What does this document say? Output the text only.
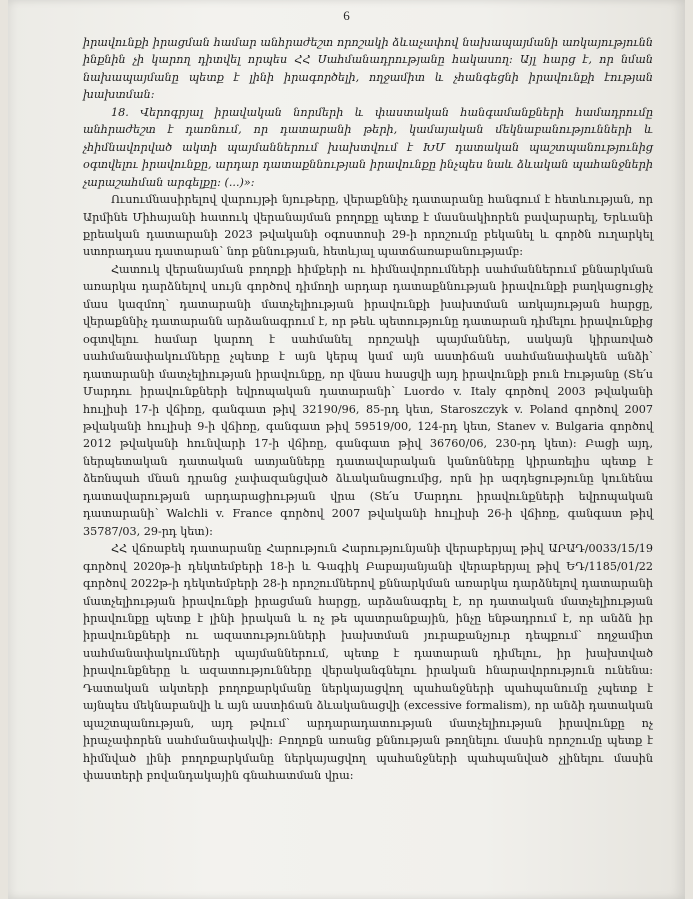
6

իրավունքի իրացման համար անհրաժեշտ որոշակի ձևաչափով նախապայմանի առկայությունն ինքնին չի կարող դիտվել որպես ՀՀ Սահմանադրությանը հակասող: Այլ հարց է, որ նման նախապայմանը պետք է լինի իրագործելի, ողջամիտ և չհանգեցնի իրավունքի էության խախտման:

18. Վերոգրյալ իրավական նորմերի և փաստական հանգամանքների համադրումը անհրաժեշտ է դառնում, որ դատարանի թերի, կամայական մեկնաբանությունների և չհիմնավորված ակտի պայմաններում խախտվում է ԽՄ դատական պաշտպանությունից օգտվելու իրավունքը, արդար դատաքննության իրավունքը ինչպես նաև ձևական պահանջների չարաշահման արգելքը: (...)»:

Ուսումնասիրելով վարույթի նյութերը, վերաքննիչ դատարանը հանգում է հետևության, որ Արմինե Միհայանի հատուկ վերանայման բողոքը պետք է մասնակիորեն բավարարել, Երևանի քրեական դատարանի 2023 թվականի օգոստոսի 29-ի որոշումը բեկանել և գործն ուղարկել ստորադաս դատարան՝ նոր քննության, հետևյալ պատճառաբանությամբ:

Հատուկ վերանայման բողոքի հիմքերի ու հիմնավորումների սահմաններում քննարկման առարկա դարձնելով սույն գործով դիմողի արդար դատաքննության իրավունքի բաղկացուցիչ մաս կազմող՝ դատարանի մատչելիության իրավունքի խախտման առկայության հարցը, վերաքննիչ դատարանն արձանագրում է, որ թեև պետությունը դատարան դիմելու իրավունքից օգտվելու համար կարող է սահմանել որոշակի պայմաններ, սակայն կիրառված սահմանափակումները չպետք է այն կերպ կամ այն աստիճան սահմանափակեն անձի՝ դատարանի մատչելիության իրավունքը, որ վնաս հասցվի այդ իրավունքի բուն էությանը (Տե՛ս Մարդու իրավունքների եվրոպական դատարանի՝ Luordo v. Italy գործով 2003 թվականի հուլիսի 17-ի վճիռը, գանգատ թիվ 32190/96, 85-րդ կետ, Staroszczyk v. Poland գործով 2007 թվականի հուլիսի 9-ի վճիռը, գանգատ թիվ 59519/00, 124-րդ կետ, Stanev v. Bulgaria գործով 2012 թվականի հունվարի 17-ի վճիռը, գանգատ թիվ 36760/06, 230-րդ կետ): Բացի այդ, ներպետական դատական ատյանները դատավարական կանոնները կիրառելիս պետք է ձեռնպահ մնան դրանց չափազանցված ձևականացումից, որն իր ազդեցությունը կունենա դատավարության արդարացիության վրա (Տե՛ս Մարդու իրավունքների եվրոպական դատարանի՝ Walchli v. France գործով 2007 թվականի հուլիսի 26-ի վճիռը, գանգատ թիվ 35787/03, 29-րդ կետ):

ՀՀ վճռաբեկ դատարանը Հարություն Հարությունյանի վերաբերյալ թիվ ԱՐԱԴ/0033/15/19 գործով 2020թ-ի դեկտեմբերի 18-ի և Գագիկ Բաբայանյանի վերաբերյալ թիվ ԵԴ/1185/01/22 գործով 2022թ-ի դեկտեմբերի 28-ի որոշումներով քննարկման առարկա դարձնելով դատարանի մատչելիության իրավունքի իրացման հարցը, արձանագրել է, որ դատական մատչելիության իրավունքը պետք է լինի իրական և ոչ թե պատրանքային, ինչը ենթադրում է, որ անձն իր իրավունքների ու ազատությունների խախտման յուրաքանչյուր դեպքում՝ ողջամիտ սահմանափակումների պայմաններում, պետք է դատարան դիմելու, իր խախտված իրավունքները և ազատությունները վերականգնելու իրական հնարավորություն ունենա: Դատական ակտերի բողոքարկմանը ներկայացվող պահանջների պահպանումը չպետք է այնպես մեկնաբանվի և այն աստիճան ձևականացվի (excessive formalism), որ անձի դատական պաշտպանության, այդ թվում՝ արդարադատության մատչելիության իրավունքը ոչ իրաչափորեն սահմանափակվի: Բողոքն առանց քննության թողնելու մասին որոշումը պետք է հիմնված լինի բողոքարկմանը ներկայացվող պահանջների պահպանված չլինելու մասին փաստերի բովանդակային գնահատման վրա:
